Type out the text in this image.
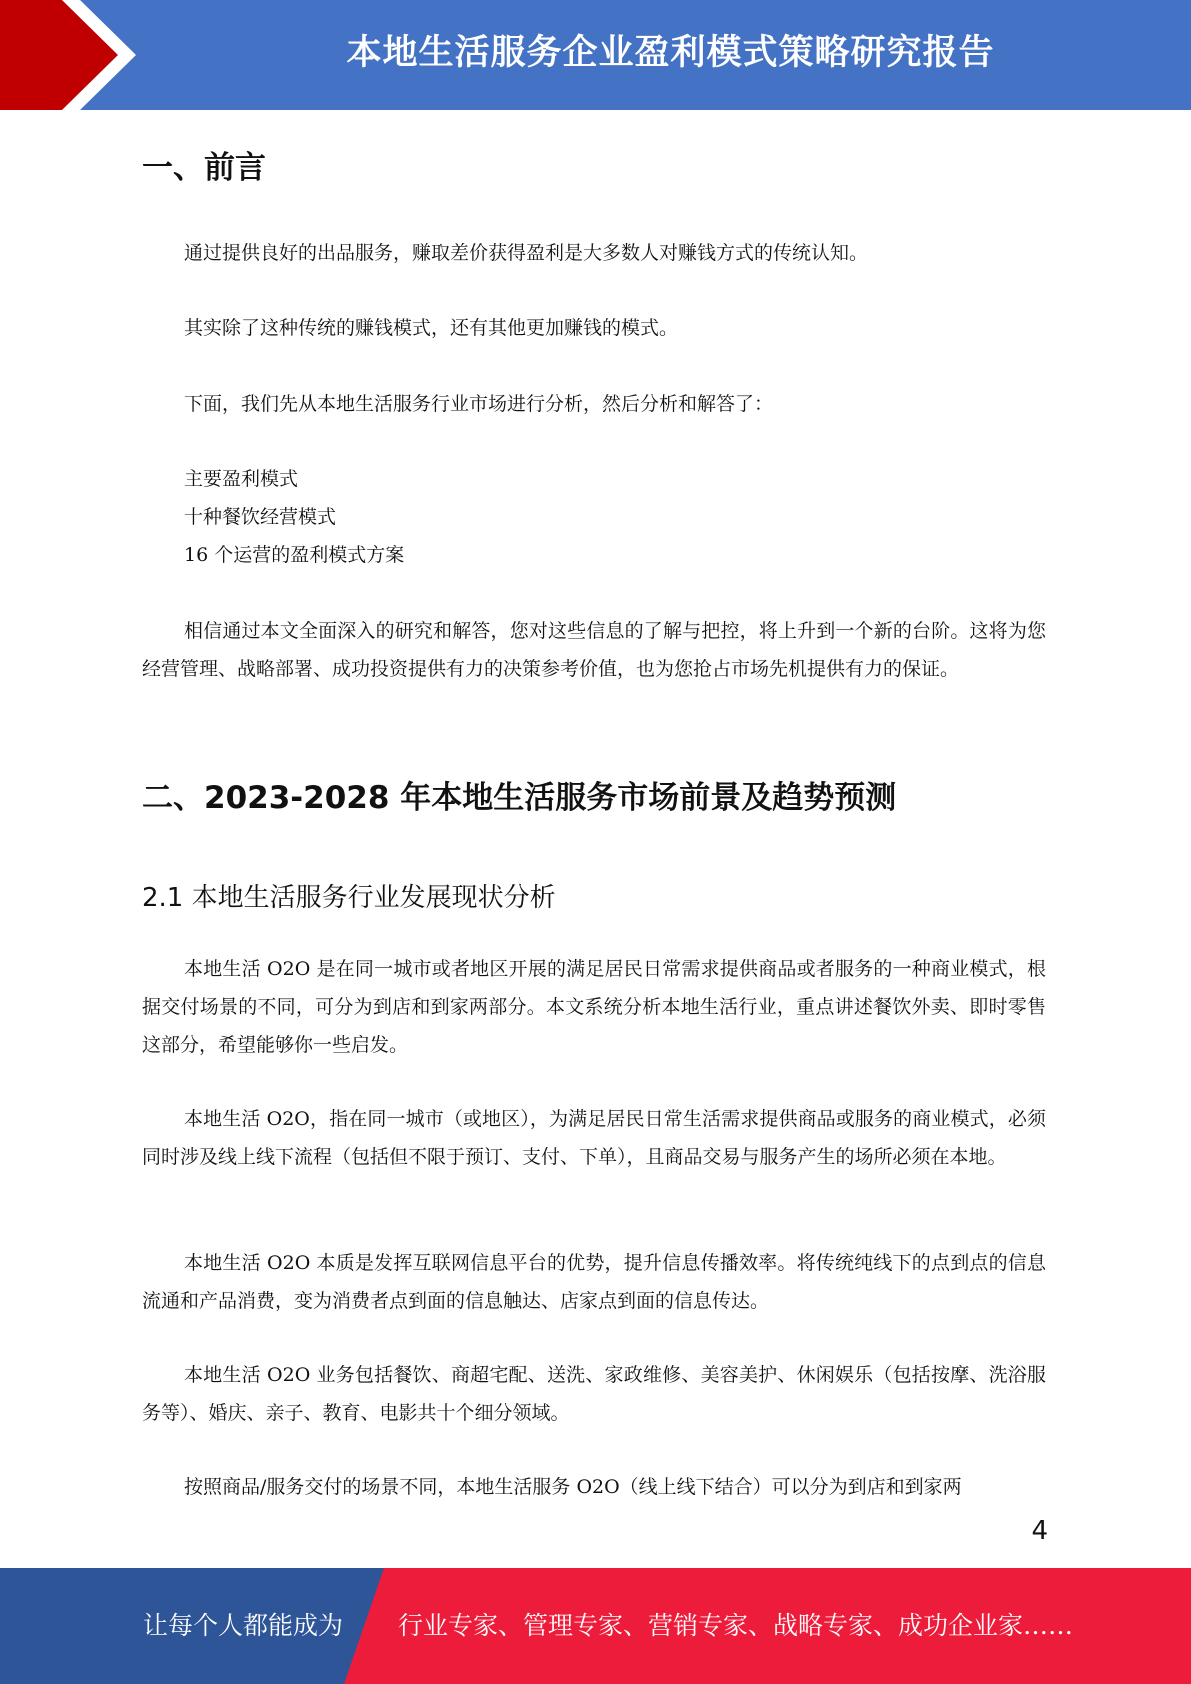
本地生活服务企业盈利模式策略研究报告
一、前言

通过提供良好的出品服务，赚取差价获得盈利是大多数人对赚钱方式的传统认知。

其实除了这种传统的赚钱模式，还有其他更加赚钱的模式。

下面，我们先从本地生活服务行业市场进行分析，然后分析和解答了：

主要盈利模式
十种餐饮经营模式
16 个运营的盈利模式方案

相信通过本文全面深入的研究和解答，您对这些信息的了解与把控，将上升到一个新的台阶。这将为您经营管理、战略部署、成功投资提供有力的决策参考价值，也为您抢占市场先机提供有力的保证。

二、2023-2028 年本地生活服务市场前景及趋势预测
2.1 本地生活服务行业发展现状分析

本地生活 O2O 是在同一城市或者地区开展的满足居民日常需求提供商品或者服务的一种商业模式，根据交付场景的不同，可分为到店和到家两部分。本文系统分析本地生活行业，重点讲述餐饮外卖、即时零售这部分，希望能够你一些启发。

本地生活 O2O，指在同一城市（或地区），为满足居民日常生活需求提供商品或服务的商业模式，必须同时涉及线上线下流程（包括但不限于预订、支付、下单），且商品交易与服务产生的场所必须在本地。

本地生活 O2O 本质是发挥互联网信息平台的优势，提升信息传播效率。将传统纯线下的点到点的信息流通和产品消费，变为消费者点到面的信息触达、店家点到面的信息传达。

本地生活 O2O 业务包括餐饮、商超宅配、送洗、家政维修、美容美护、休闲娱乐（包括按摩、洗浴服务等）、婚庆、亲子、教育、电影共十个细分领域。

按照商品/服务交付的场景不同，本地生活服务 O2O（线上线下结合）可以分为到店和到家两

4
让每个人都能成为 行业专家、管理专家、营销专家、战略专家、成功企业家……
